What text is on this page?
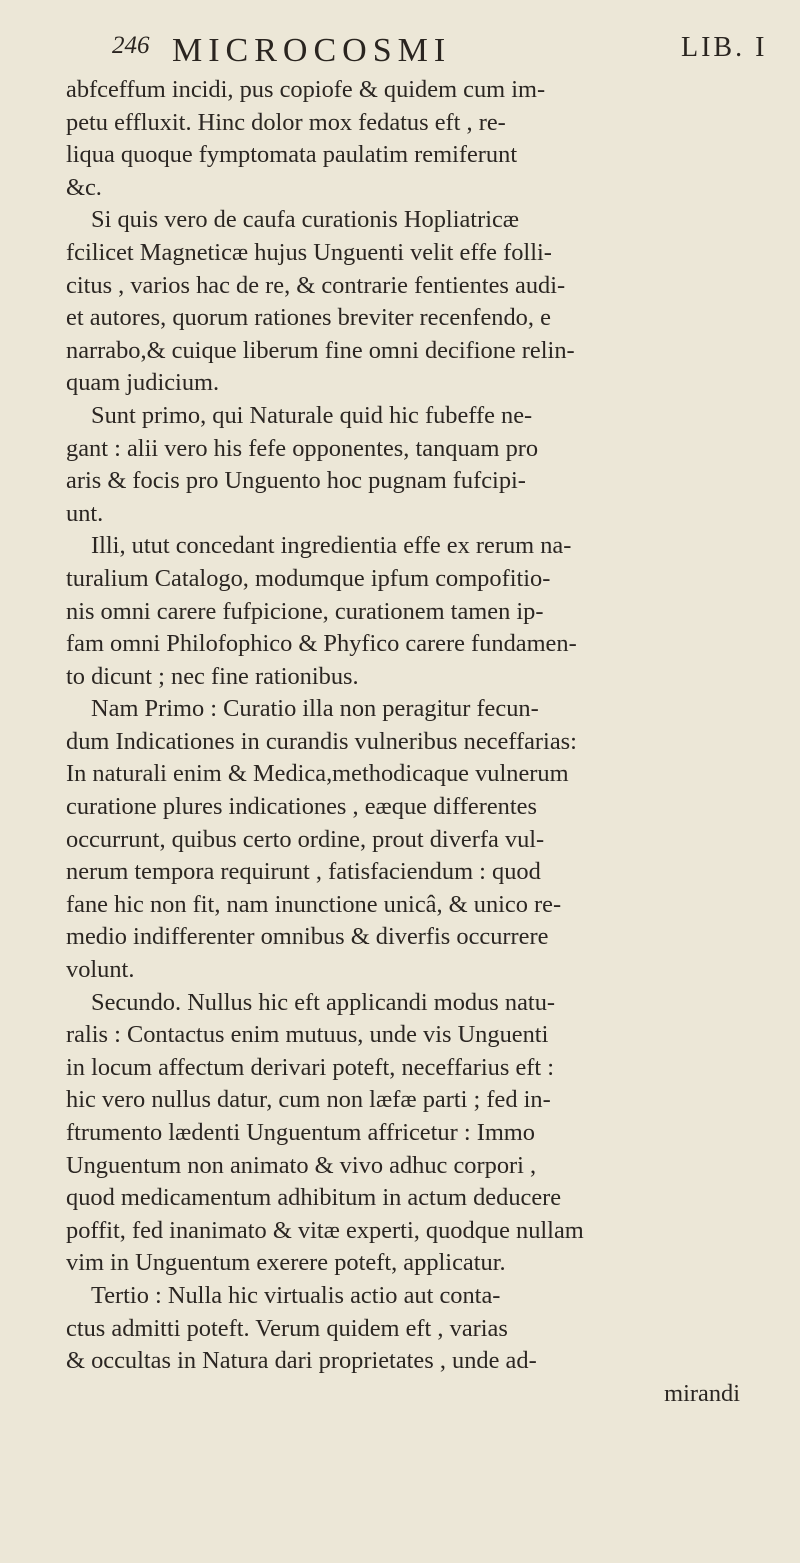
246 MICROCOSMI	LIB. I
abfceffum incidi, pus copiofe & quidem cum im-
petu effluxit. Hinc dolor mox fedatus eft , re-
liqua quoque fymptomata paulatim remiferunt
&c.
Si quis vero de caufa curationis Hopliatricæ
fcilicet Magneticæ hujus Unguenti velit effe folli-
citus , varios hac de re, & contrarie fentientes audi-
et autores, quorum rationes breviter recenfendo, e
narrabo,& cuique liberum fine omni decifione relin-
quam judicium.
Sunt primo, qui Naturale quid hic fubeffe ne-
gant : alii vero his fefe opponentes, tanquam pro
aris & focis pro Unguento hoc pugnam fufcipi-
unt.
Illi, utut concedant ingredientia effe ex rerum na-
turalium Catalogo, modumque ipfum compofitio-
nis omni carere fufpicione, curationem tamen ip-
fam omni Philofophico & Phyfico carere fundamen-
to dicunt ; nec fine rationibus.
Nam Primo : Curatio illa non peragitur fecun-
dum Indicationes in curandis vulneribus neceffarias:
In naturali enim & Medica,methodicaque vulnerum
curatione plures indicationes , eæque differentes
occurrunt, quibus certo ordine, prout diverfa vul-
nerum tempora requirunt , fatisfaciendum : quod
fane hic non fit, nam inunctione unicâ, & unico re-
medio indifferenter omnibus & diverfis occurrere
volunt.
Secundo. Nullus hic eft applicandi modus natu-
ralis : Contactus enim mutuus, unde vis Unguenti
in locum affectum derivari poteft, neceffarius eft :
hic vero nullus datur, cum non læfæ parti ; fed in-
ftrumento lædenti Unguentum affricetur : Immo
Unguentum non animato & vivo adhuc corpori ,
quod medicamentum adhibitum in actum deducere
poffit, fed inanimato & vitæ experti, quodque nullam
vim in Unguentum exerere poteft, applicatur.
Tertio : Nulla hic virtualis actio aut conta-
ctus admitti poteft. Verum quidem eft , varias
& occultas in Natura dari proprietates , unde ad-
mirandi
